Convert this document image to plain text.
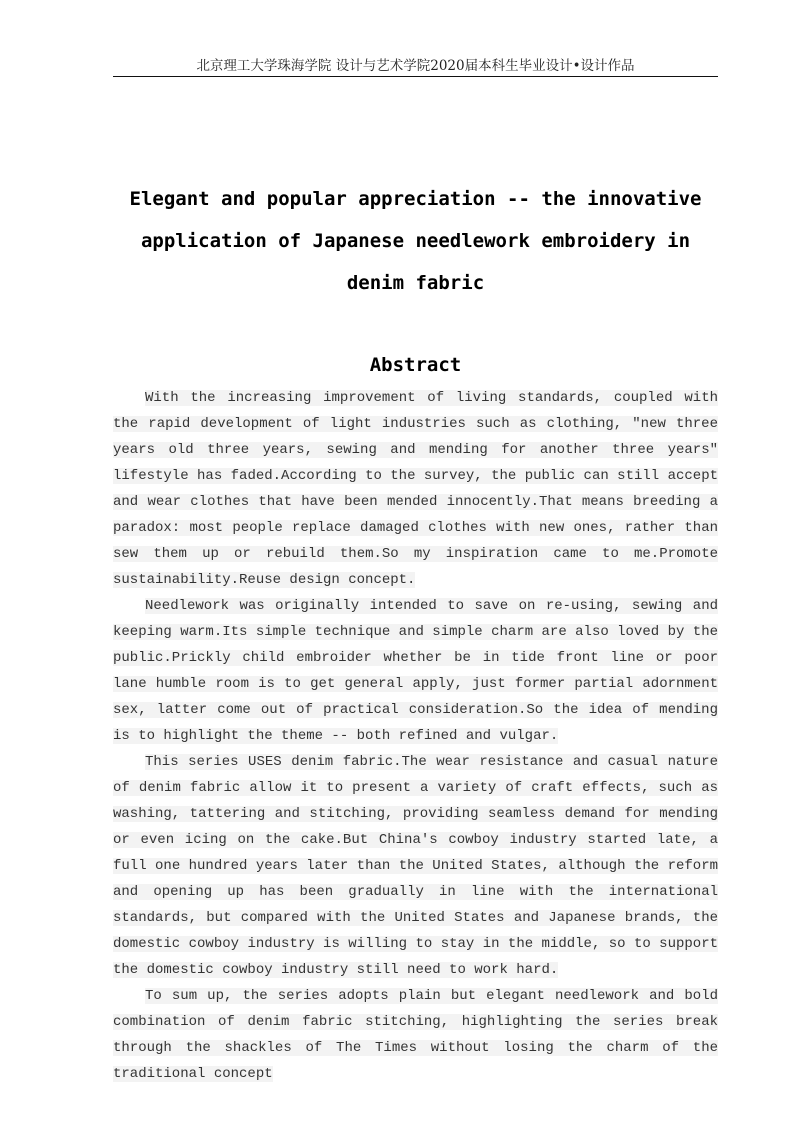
北京理工大学珠海学院 设计与艺术学院2020届本科生毕业设计•设计作品
Elegant and popular appreciation -- the innovative application of Japanese needlework embroidery in denim fabric
Abstract

With the increasing improvement of living standards, coupled with the rapid development of light industries such as clothing, "new three years old three years, sewing and mending for another three years" lifestyle has faded.According to the survey, the public can still accept and wear clothes that have been mended innocently.That means breeding a paradox: most people replace damaged clothes with new ones, rather than sew them up or rebuild them.So my inspiration came to me.Promote sustainability.Reuse design concept.

Needlework was originally intended to save on re-using, sewing and keeping warm.Its simple technique and simple charm are also loved by the public.Prickly child embroider whether be in tide front line or poor lane humble room is to get general apply, just former partial adornment sex, latter come out of practical consideration.So the idea of mending is to highlight the theme -- both refined and vulgar.

This series USES denim fabric.The wear resistance and casual nature of denim fabric allow it to present a variety of craft effects, such as washing, tattering and stitching, providing seamless demand for mending or even icing on the cake.But China's cowboy industry started late, a full one hundred years later than the United States, although the reform and opening up has been gradually in line with the international standards, but compared with the United States and Japanese brands, the domestic cowboy industry is willing to stay in the middle, so to support the domestic cowboy industry still need to work hard.

To sum up, the series adopts plain but elegant needlework and bold combination of denim fabric stitching, highlighting the series break through the shackles of The Times without losing the charm of the traditional concept
